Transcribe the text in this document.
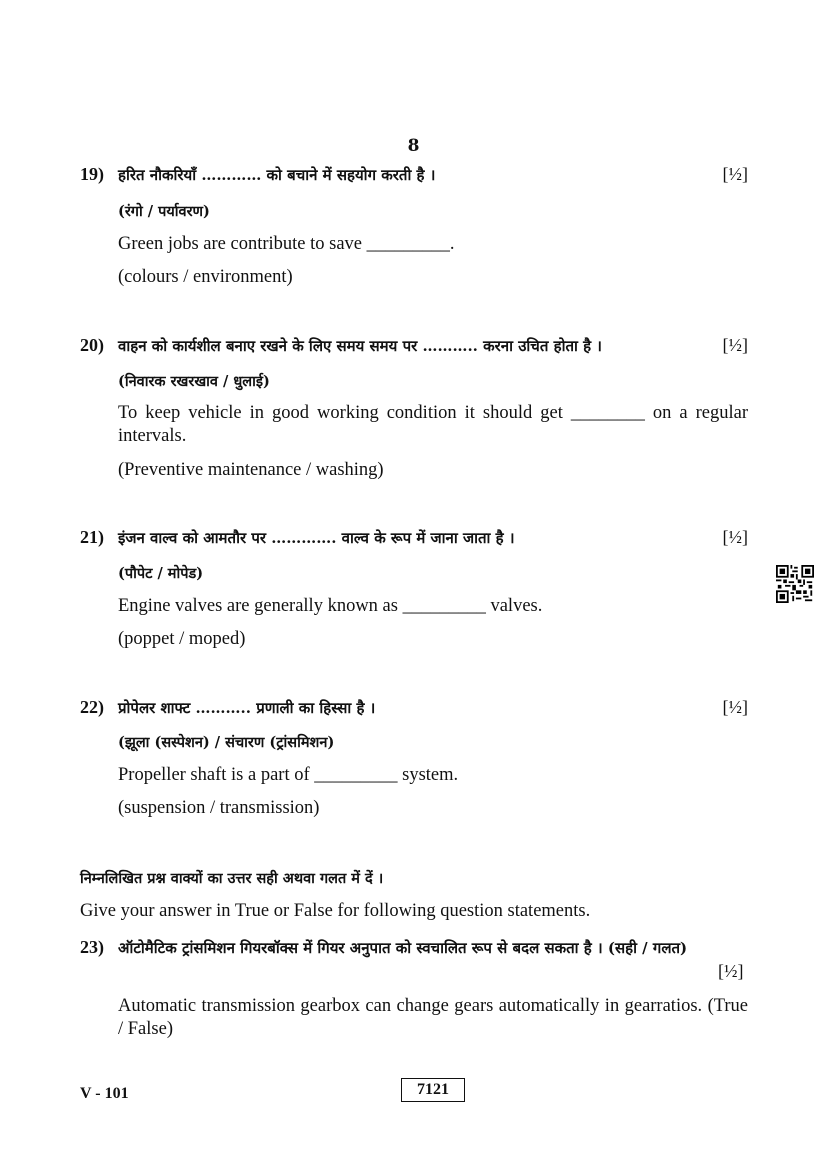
8
19) हरित नौकरियाँ ………… को बचाने में सहयोग करती है ।	[½]
(रंगो / पर्यावरण)
Green jobs are contribute to save _________.
(colours / environment)
20) वाहन को कार्यशील बनाए रखने के लिए समय समय पर ……….. करना उचित होता है ।	[½]
(निवारक रखरखाव / धुलाई)
To keep vehicle in good working condition it should get ________ on a regular intervals.
(Preventive maintenance / washing)
21) इंजन वाल्व को आमतौर पर …………. वाल्व के रूप में जाना जाता है ।	[½]
(पौपेट / मोपेड)
Engine valves are generally known as _________ valves.
(poppet / moped)
22) प्रोपेलर शाफ्ट ……….. प्रणाली का हिस्सा है ।	[½]
(झूला (सस्पेशन) / संचारण (ट्रांसमिशन)
Propeller shaft is a part of _________ system.
(suspension / transmission)
निम्नलिखित प्रश्न वाक्यों का उत्तर सही अथवा गलत में दें ।
Give your answer in True or False for following question statements.
23) ऑटोमैटिक ट्रांसमिशन गियरबॉक्स में गियर अनुपात को स्वचालित रूप से बदल सकता है । (सही / गलत)
[½]
Automatic transmission gearbox can change gears automatically in gearratios. (True / False)
V - 101	7121
